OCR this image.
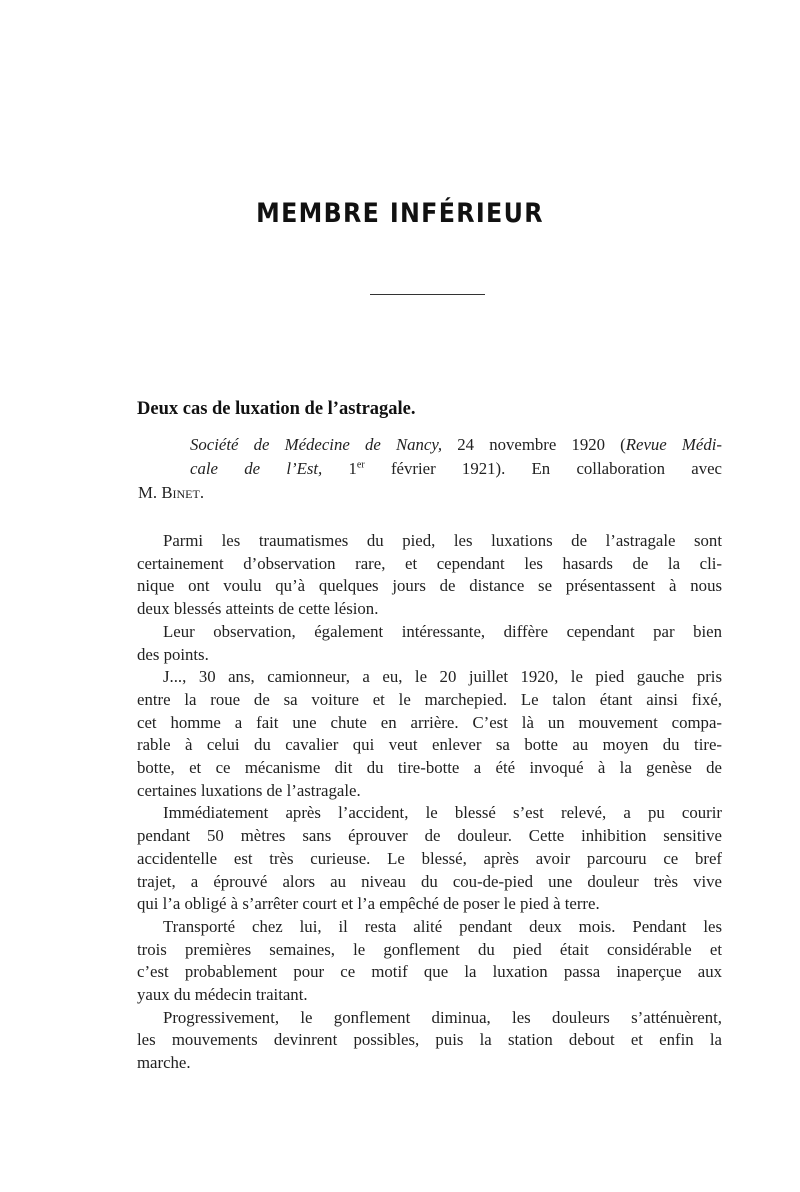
MEMBRE INFÉRIEUR
Deux cas de luxation de l’astragale.
Société de Médecine de Nancy, 24 novembre 1920 (Revue Médi-
cale de l’Est, 1er février 1921). En collaboration avec
M. Binet.
Parmi les traumatismes du pied, les luxations de l’astragale sont
certainement d’observation rare, et cependant les hasards de la cli-
nique ont voulu qu’à quelques jours de distance se présentassent à nous
deux blessés atteints de cette lésion.
Leur observation, également intéressante, diffère cependant par bien
des points.
J..., 30 ans, camionneur, a eu, le 20 juillet 1920, le pied gauche pris
entre la roue de sa voiture et le marchepied. Le talon étant ainsi fixé,
cet homme a fait une chute en arrière. C’est là un mouvement compa-
rable à celui du cavalier qui veut enlever sa botte au moyen du tire-
botte, et ce mécanisme dit du tire-botte a été invoqué à la genèse de
certaines luxations de l’astragale.
Immédiatement après l’accident, le blessé s’est relevé, a pu courir
pendant 50 mètres sans éprouver de douleur. Cette inhibition sensitive
accidentelle est très curieuse. Le blessé, après avoir parcouru ce bref
trajet, a éprouvé alors au niveau du cou-de-pied une douleur très vive
qui l’a obligé à s’arrêter court et l’a empêché de poser le pied à terre.
Transporté chez lui, il resta alité pendant deux mois. Pendant les
trois premières semaines, le gonflement du pied était considérable et
c’est probablement pour ce motif que la luxation passa inaperçue aux
yaux du médecin traitant.
Progressivement, le gonflement diminua, les douleurs s’atténuèrent,
les mouvements devinrent possibles, puis la station debout et enfin la
marche.
